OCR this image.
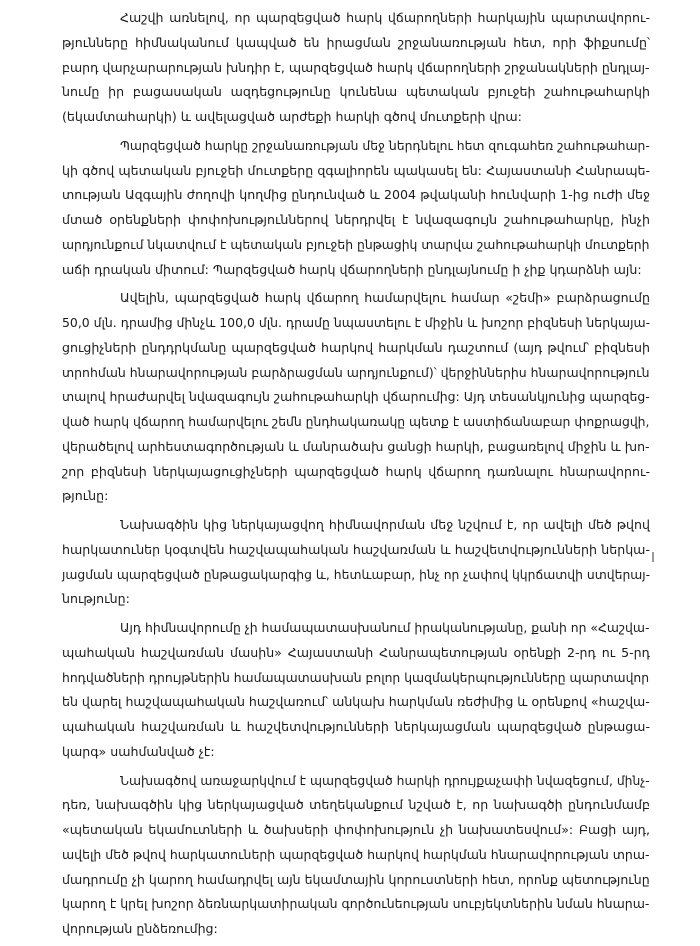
Հաշվի առնելով, որ պարզեցված հարկ վճարողների հարկային պարտավորու-
թյունները հիմնականում կապված են իրացման շրջանառության հետ, որի ֆիքսումը՝
բարդ վարչարարության խնդիր է, պարզեցված հարկ վճարողների շրջանակների ընդլայ-
նումը իր բացասական ազդեցությունը կունենա պետական բյուջեի շահութահարկի
(եկամտահարկի) և ավելացված արժեքի հարկի գծով մուտքերի վրա:
Պարզեցված հարկը շրջանառության մեջ ներդնելու հետ զուգահեռ շահութահար-
կի գծով պետական բյուջեի մուտքերը զգալիորեն պակասել են: Հայաստանի Հանրապե-
տության Ազգային ժողովի կողմից ընդունված և 2004 թվականի հունվարի 1-ից ուժի մեջ
մտած օրենքների փոփոխություններով ներդրվել է նվազագույն շահութահարկը, ինչի
արդյունքում նկատվում է պետական բյուջեի ընթացիկ տարվա շահութահարկի մուտքերի
աճի դրական միտում: Պարզեցված հարկ վճարողների ընդլայնումը ի չիք կդարձնի այն:
Ավելին, պարզեցված հարկ վճարող համարվելու համար «շեմի» բարձրացումը
50,0 մլն. դրամից մինչև 100,0 մլն. դրամը նպաստելու է միջին և խոշոր բիզնեսի ներկայա-
ցուցիչների ընդդրկմանը պարզեցված հարկով հարկման դաշտում (այդ թվում՝ բիզնեսի
տրոհման հնարավորության բարձրացման արդյունքում)՝ վերջիններիս հնարավորություն
տալով հրաժարվել նվազագույն շահութահարկի վճարումից: Այդ տեսանկյունից պարզեց-
ված հարկ վճարող համարվելու շեմն ընդհակառակը պետք է աստիճանաբար փոքրացվի,
վերածելով արհեստագործության և մանրածախ ցանցի հարկի, բացառելով միջին և խո-
շոր բիզնեսի ներկայացուցիչների պարզեցված հարկ վճարող դառնալու հնարավորու-
թյունը:
Նախագծին կից ներկայացվող հիմնավորման մեջ նշվում է, որ ավելի մեծ թվով
հարկատուներ կօգտվեն հաշվապահական հաշվառման և հաշվետվությունների ներկա-
յացման պարզեցված ընթացակարգից և, հետևաբար, ինչ որ չափով կկրճատվի ստվերայ-
նությունը:
Այդ հիմնավորումը չի համապատասխանում իրականությանը, քանի որ «Հաշվա-
պահական հաշվառման մասին» Հայաստանի Հանրապետության օրենքի 2-րդ ու 5-րդ
հոդվածների դրույթներին համապատասխան բոլոր կազմակերպությունները պարտավոր
են վարել հաշվապահական հաշվառում՝ անկախ հարկման ռեժիմից և օրենքով «հաշվա-
պահական հաշվառման և հաշվետվությունների ներկայացման պարզեցված ընթացա-
կարգ» սահմանված չէ:
Նախագծով առաջարկվում է պարզեցված հարկի դրույքաչափի նվազեցում, մինչ-
դեռ, նախագծին կից ներկայացված տեղեկանքում նշված է, որ նախագծի ընդունմամբ
«պետական եկամուտների և ծախսերի փոփոխություն չի նախատեսվում»: Բացի այդ,
ավելի մեծ թվով հարկատուների պարզեցված հարկով հարկման հնարավորության տրա-
մադրումը չի կարող համադրվել այն եկամտային կորուստների հետ, որոնք պետությունը
կարող է կրել խոշոր ձեռնարկատիրական գործունեության սուբյեկտներին նման հնարա-
վորության ընձեռումից:
